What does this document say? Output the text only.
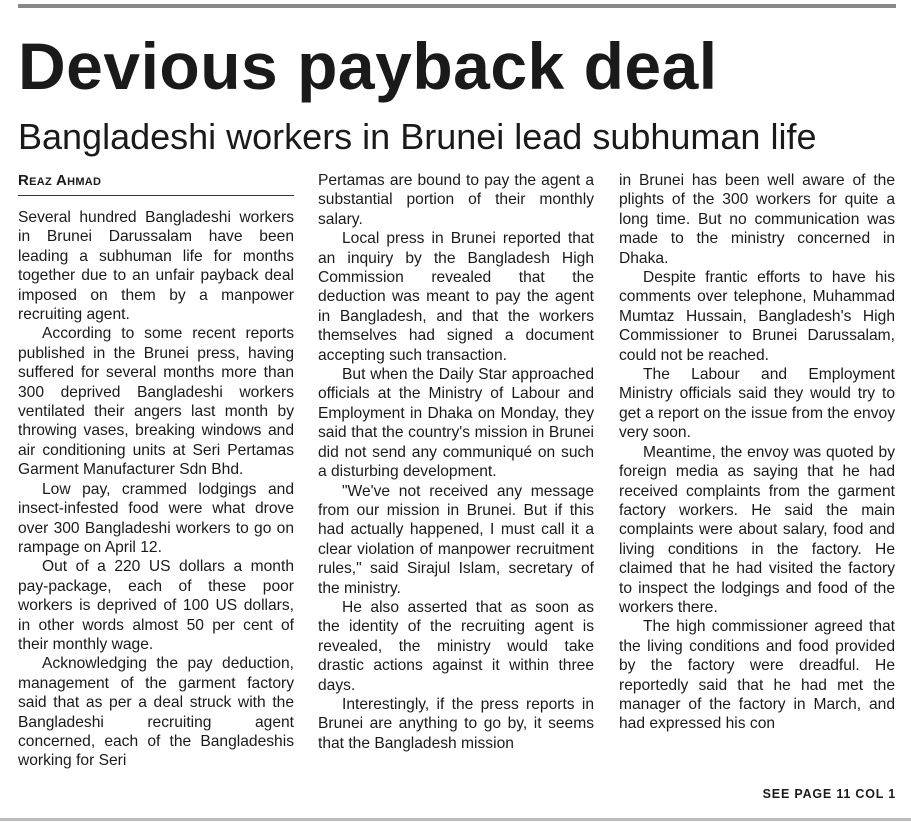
Devious payback deal
Bangladeshi workers in Brunei lead subhuman life
Reaz Ahmad

Several hundred Bangladeshi workers in Brunei Darussalam have been leading a subhuman life for months together due to an unfair payback deal imposed on them by a manpower recruiting agent.

According to some recent reports published in the Brunei press, having suffered for several months more than 300 deprived Bangladeshi workers ventilated their angers last month by throwing vases, breaking windows and air conditioning units at Seri Pertamas Garment Manufacturer Sdn Bhd.

Low pay, crammed lodgings and insect-infested food were what drove over 300 Bangladeshi workers to go on rampage on April 12.

Out of a 220 US dollars a month pay-package, each of these poor workers is deprived of 100 US dollars, in other words almost 50 per cent of their monthly wage.

Acknowledging the pay deduction, management of the garment factory said that as per a deal struck with the Bangladeshi recruiting agent concerned, each of the Bangladeshis working for Seri

Pertamas are bound to pay the agent a substantial portion of their monthly salary.

Local press in Brunei reported that an inquiry by the Bangladesh High Commission revealed that the deduction was meant to pay the agent in Bangladesh, and that the workers themselves had signed a document accepting such transaction.

But when the Daily Star approached officials at the Ministry of Labour and Employment in Dhaka on Monday, they said that the country's mission in Brunei did not send any communiqué on such a disturbing development.

"We've not received any message from our mission in Brunei. But if this had actually happened, I must call it a clear violation of manpower recruitment rules," said Sirajul Islam, secretary of the ministry.

He also asserted that as soon as the identity of the recruiting agent is revealed, the ministry would take drastic actions against it within three days.

Interestingly, if the press reports in Brunei are anything to go by, it seems that the Bangladesh mission

in Brunei has been well aware of the plights of the 300 workers for quite a long time. But no communication was made to the ministry concerned in Dhaka.

Despite frantic efforts to have his comments over telephone, Muhammad Mumtaz Hussain, Bangladesh's High Commissioner to Brunei Darussalam, could not be reached.

The Labour and Employment Ministry officials said they would try to get a report on the issue from the envoy very soon.

Meantime, the envoy was quoted by foreign media as saying that he had received complaints from the garment factory workers. He said the main complaints were about salary, food and living conditions in the factory. He claimed that he had visited the factory to inspect the lodgings and food of the workers there.

The high commissioner agreed that the living conditions and food provided by the factory were dreadful. He reportedly said that he had met the manager of the factory in March, and had expressed his con

SEE PAGE 11 COL 1
